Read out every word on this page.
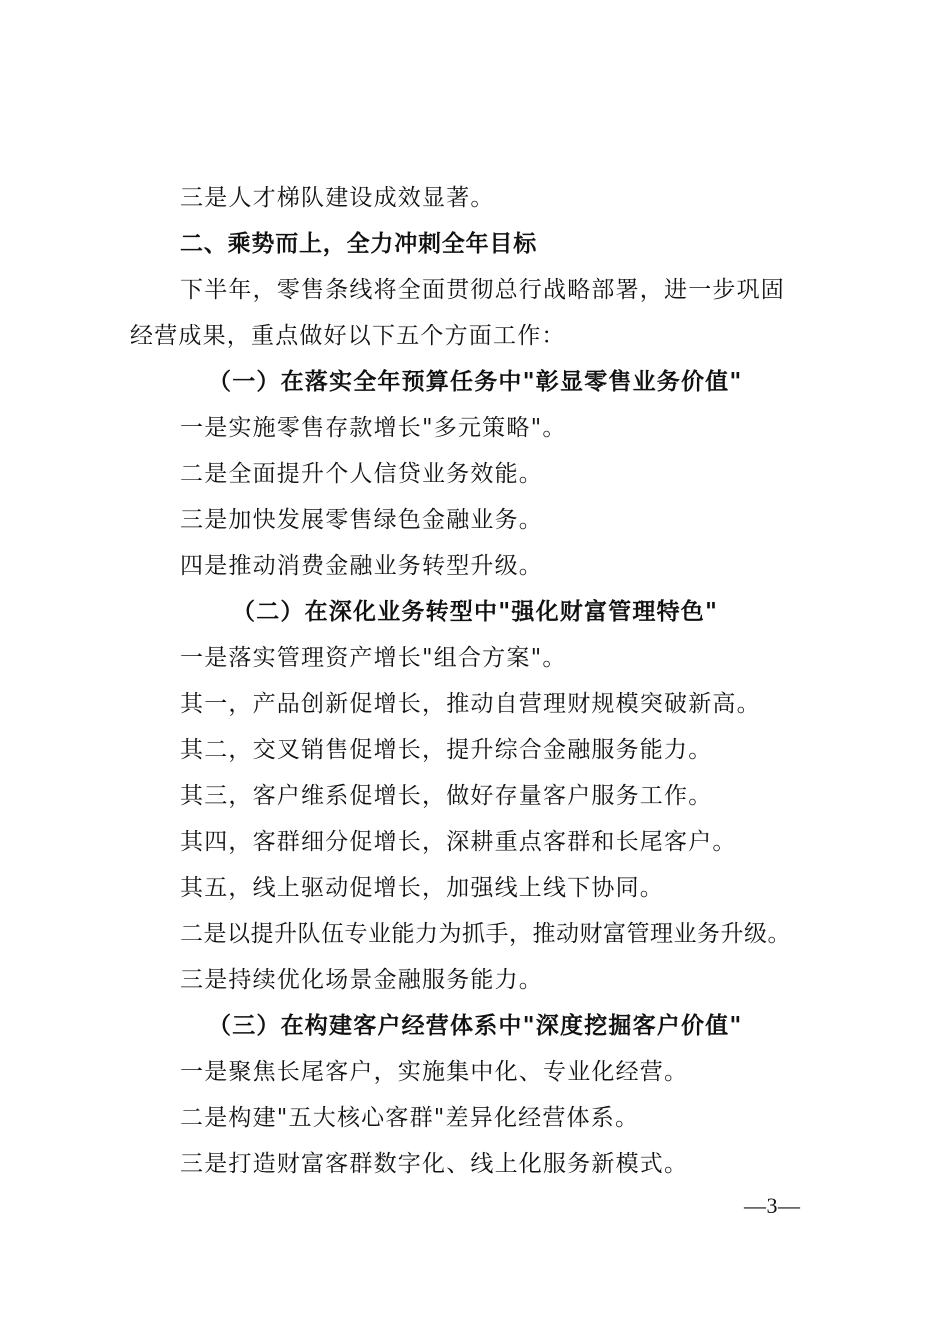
三是人才梯队建设成效显著。
二、乘势而上，全力冲刺全年目标
下半年，零售条线将全面贯彻总行战略部署，进一步巩固
经营成果，重点做好以下五个方面工作：
（一）在落实全年预算任务中"彰显零售业务价值"
一是实施零售存款增长"多元策略"。
二是全面提升个人信贷业务效能。
三是加快发展零售绿色金融业务。
四是推动消费金融业务转型升级。
（二）在深化业务转型中"强化财富管理特色"
一是落实管理资产增长"组合方案"。
其一，产品创新促增长，推动自营理财规模突破新高。
其二，交叉销售促增长，提升综合金融服务能力。
其三，客户维系促增长，做好存量客户服务工作。
其四，客群细分促增长，深耕重点客群和长尾客户。
其五，线上驱动促增长，加强线上线下协同。
二是以提升队伍专业能力为抓手，推动财富管理业务升级。
三是持续优化场景金融服务能力。
（三）在构建客户经营体系中"深度挖掘客户价值"
一是聚焦长尾客户，实施集中化、专业化经营。
二是构建"五大核心客群"差异化经营体系。
三是打造财富客群数字化、线上化服务新模式。
—3—
